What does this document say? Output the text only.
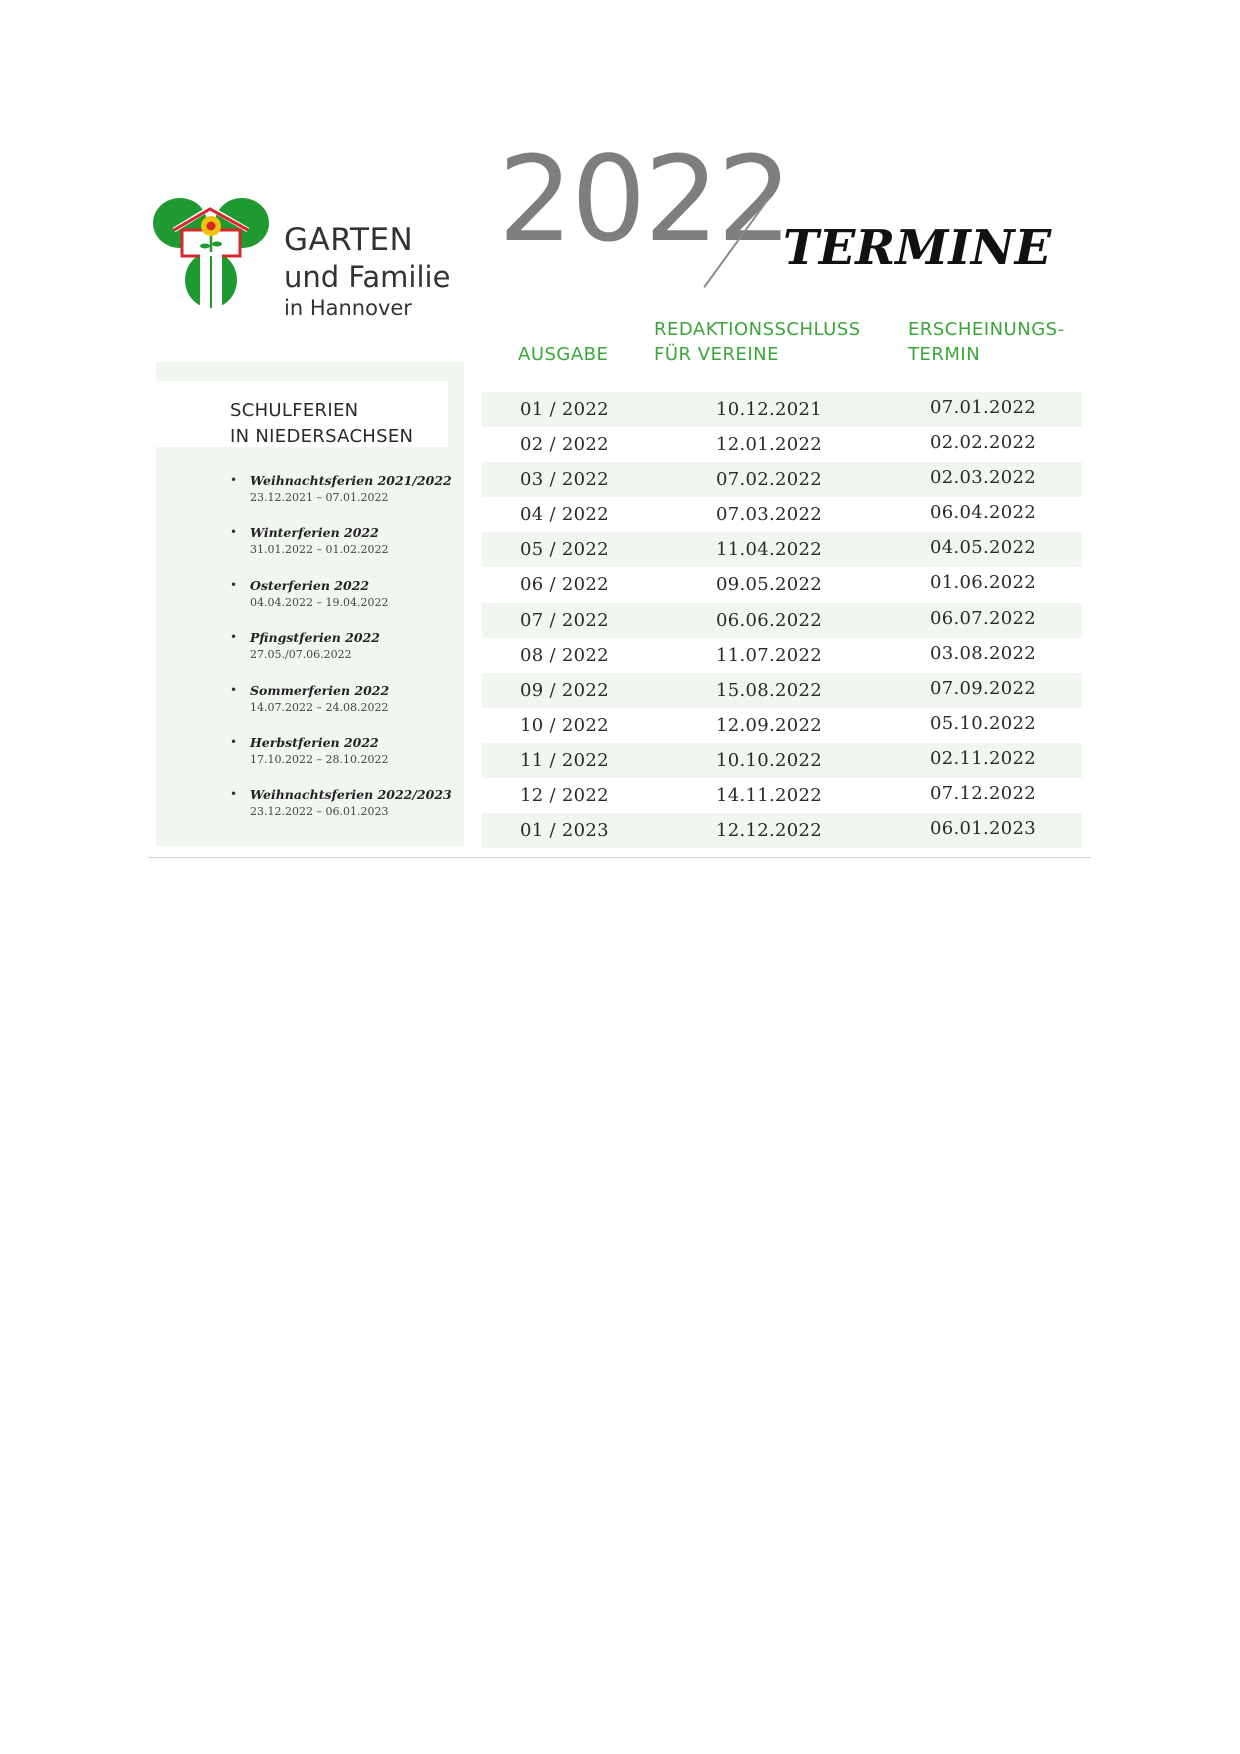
GARTEN
und Familie
in Hannover
2022
TERMINE
AUSGABE
REDAKTIONSSCHLUSS
FÜR VEREINE
ERSCHEINUNGS-
TERMIN
SCHULFERIEN
IN NIEDERSACHSEN
• Weihnachtsferien 2021/2022
23.12.2021 – 07.01.2022
• Winterferien 2022
31.01.2022 – 01.02.2022
• Osterferien 2022
04.04.2022 – 19.04.2022
• Pfingstferien 2022
27.05./07.06.2022
• Sommerferien 2022
14.07.2022 – 24.08.2022
• Herbstferien 2022
17.10.2022 – 28.10.2022
• Weihnachtsferien 2022/2023
23.12.2022 – 06.01.2023
01 / 2022	10.12.2021	07.01.2022
02 / 2022	12.01.2022	02.02.2022
03 / 2022	07.02.2022	02.03.2022
04 / 2022	07.03.2022	06.04.2022
05 / 2022	11.04.2022	04.05.2022
06 / 2022	09.05.2022	01.06.2022
07 / 2022	06.06.2022	06.07.2022
08 / 2022	11.07.2022	03.08.2022
09 / 2022	15.08.2022	07.09.2022
10 / 2022	12.09.2022	05.10.2022
11 / 2022	10.10.2022	02.11.2022
12 / 2022	14.11.2022	07.12.2022
01 / 2023	12.12.2022	06.01.2023
